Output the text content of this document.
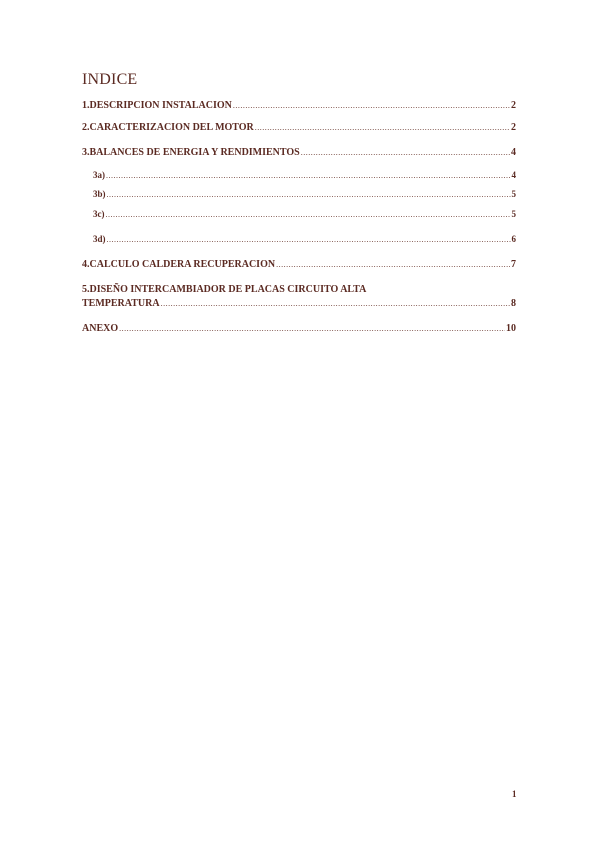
INDICE
1.DESCRIPCION INSTALACION .....	2
2.CARACTERIZACION DEL MOTOR .....	2
3.BALANCES DE ENERGIA Y RENDIMIENTOS .....	4
3a) .....	4
3b) .....	5
3c) .....	5
3d) .....	6
4.CALCULO CALDERA RECUPERACION .....	7
5.DISEÑO INTERCAMBIADOR DE PLACAS CIRCUITO ALTA
TEMPERATURA .....	8
ANEXO .....	10
1
